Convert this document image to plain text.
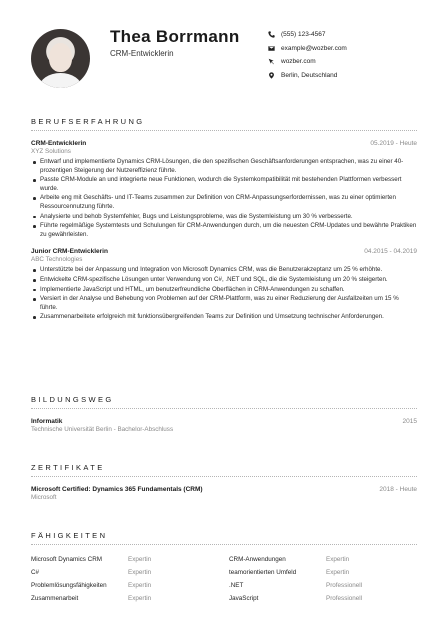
Thea Borrmann
CRM-Entwicklerin
(555) 123-4567
example@wozber.com
wozber.com
Berlin, Deutschland
BERUFSERFAHRUNG
CRM-Entwicklerin	05.2019 - Heute
XYZ Solutions
Entwarf und implementierte Dynamics CRM-Lösungen, die den spezifischen Geschäftsanforderungen entsprachen, was zu einer 40-prozentigen Steigerung der Nutzereffizienz führte.
Passte CRM-Module an und integrierte neue Funktionen, wodurch die Systemkompatibilität mit bestehenden Plattformen verbessert wurde.
Arbeite eng mit Geschäfts- und IT-Teams zusammen zur Definition von CRM-Anpassungserfordernissen, was zu einer optimierten Ressourcennutzung führte.
Analysierte und behob Systemfehler, Bugs und Leistungsprobleme, was die Systemleistung um 30 % verbesserte.
Führte regelmäßige Systemtests und Schulungen für CRM-Anwendungen durch, um die neuesten CRM-Updates und bewährte Praktiken zu gewährleisten.
Junior CRM-Entwicklerin	04.2015 - 04.2019
ABC Technologies
Unterstützte bei der Anpassung und Integration von Microsoft Dynamics CRM, was die Benutzerakzeptanz um 25 % erhöhte.
Entwickelte CRM-spezifische Lösungen unter Verwendung von C#, .NET und SQL, die die Systemleistung um 20 % steigerten.
Implementierte JavaScript und HTML, um benutzerfreundliche Oberflächen in CRM-Anwendungen zu schaffen.
Versiert in der Analyse und Behebung von Problemen auf der CRM-Plattform, was zu einer Reduzierung der Ausfallzeiten um 15 % führte.
Zusammenarbeitete erfolgreich mit funktionsübergreifenden Teams zur Definition und Umsetzung technischer Anforderungen.
BILDUNGSWEG
Informatik	2015
Technische Universität Berlin - Bachelor-Abschluss
ZERTIFIKATE
Microsoft Certified: Dynamics 365 Fundamentals (CRM)	2018 - Heute
Microsoft
FÄHIGKEITEN
Microsoft Dynamics CRM	Expertin	CRM-Anwendungen	Expertin
C#	Expertin	teamorientierten Umfeld	Expertin
Problemlösungsfähigkeiten	Expertin	.NET	Professionell
Zusammenarbeit	Expertin	JavaScript	Professionell
